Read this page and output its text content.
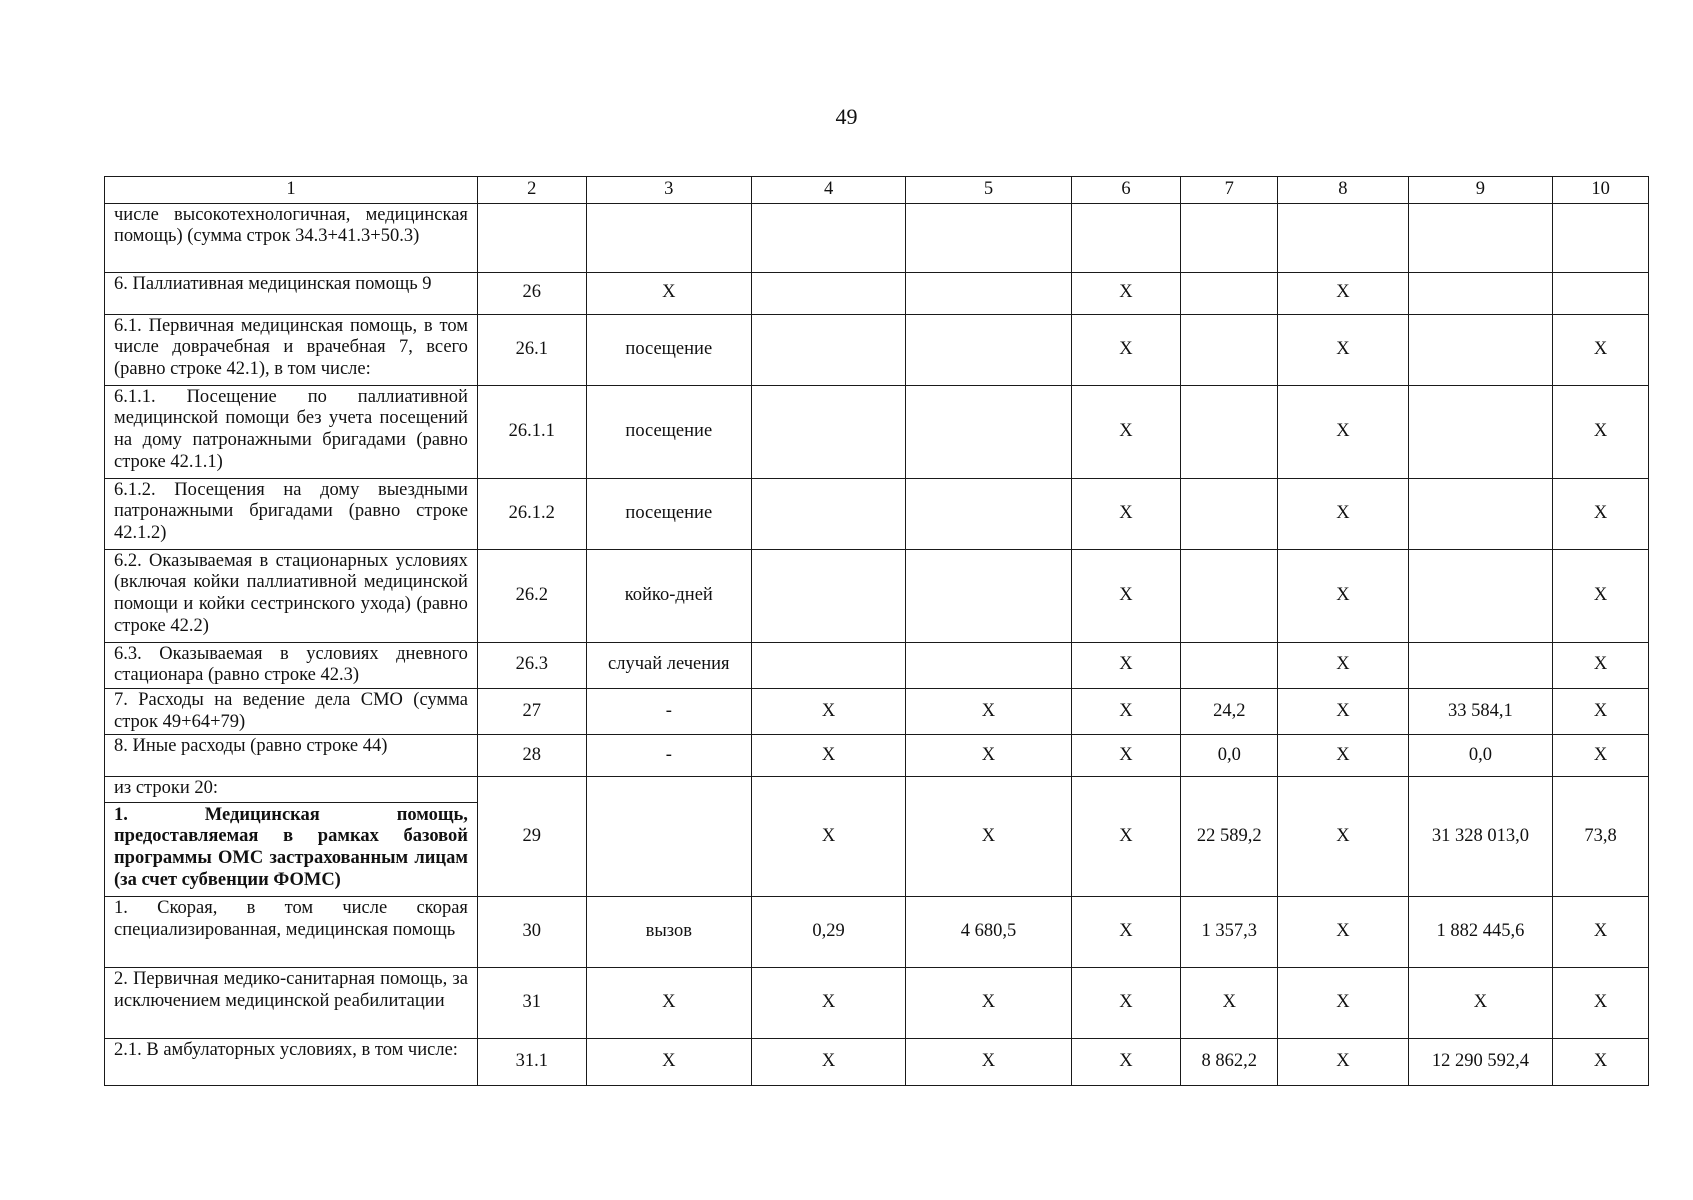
49
1	2	3	4	5	6	7	8	9	10
числе высокотехнологичная, медицинская помощь) (сумма строк 34.3+41.3+50.3)									
6. Паллиативная медицинская помощь 9	26	Х			Х		Х		
6.1. Первичная медицинская помощь, в том числе доврачебная и врачебная 7, всего (равно строке 42.1), в том числе:	26.1	посещение			Х		Х		Х
6.1.1. Посещение по паллиативной медицинской помощи без учета посещений на дому патронажными бригадами (равно строке 42.1.1)	26.1.1	посещение			Х		Х		Х
6.1.2. Посещения на дому выездными патронажными бригадами (равно строке 42.1.2)	26.1.2	посещение			Х		Х		Х
6.2. Оказываемая в стационарных условиях (включая койки паллиативной медицинской помощи и койки сестринского ухода) (равно строке 42.2)	26.2	койко-дней			Х		Х		Х
6.3. Оказываемая в условиях дневного стационара (равно строке 42.3)	26.3	случай лечения			Х		Х		Х
7. Расходы на ведение дела СМО (сумма строк 49+64+79)	27	-	Х	Х	Х	24,2	Х	33 584,1	Х
8. Иные расходы (равно строке 44)	28	-	Х	Х	Х	0,0	Х	0,0	Х

из строки 20:
1. Медицинская помощь, предоставляемая в рамках базовой программы ОМС застрахованным лицам (за счет субвенции ФОМС)	29		Х	Х	Х	22 589,2	Х	31 328 013,0	73,8
1. Скорая, в том числе скорая специализированная, медицинская помощь	30	вызов	0,29	4 680,5	Х	1 357,3	Х	1 882 445,6	Х
2. Первичная медико-санитарная помощь, за исключением медицинской реабилитации	31	Х	Х	Х	Х	Х	Х	Х	Х
2.1. В амбулаторных условиях, в том числе:	31.1	Х	Х	Х	Х	8 862,2	Х	12 290 592,4	Х
